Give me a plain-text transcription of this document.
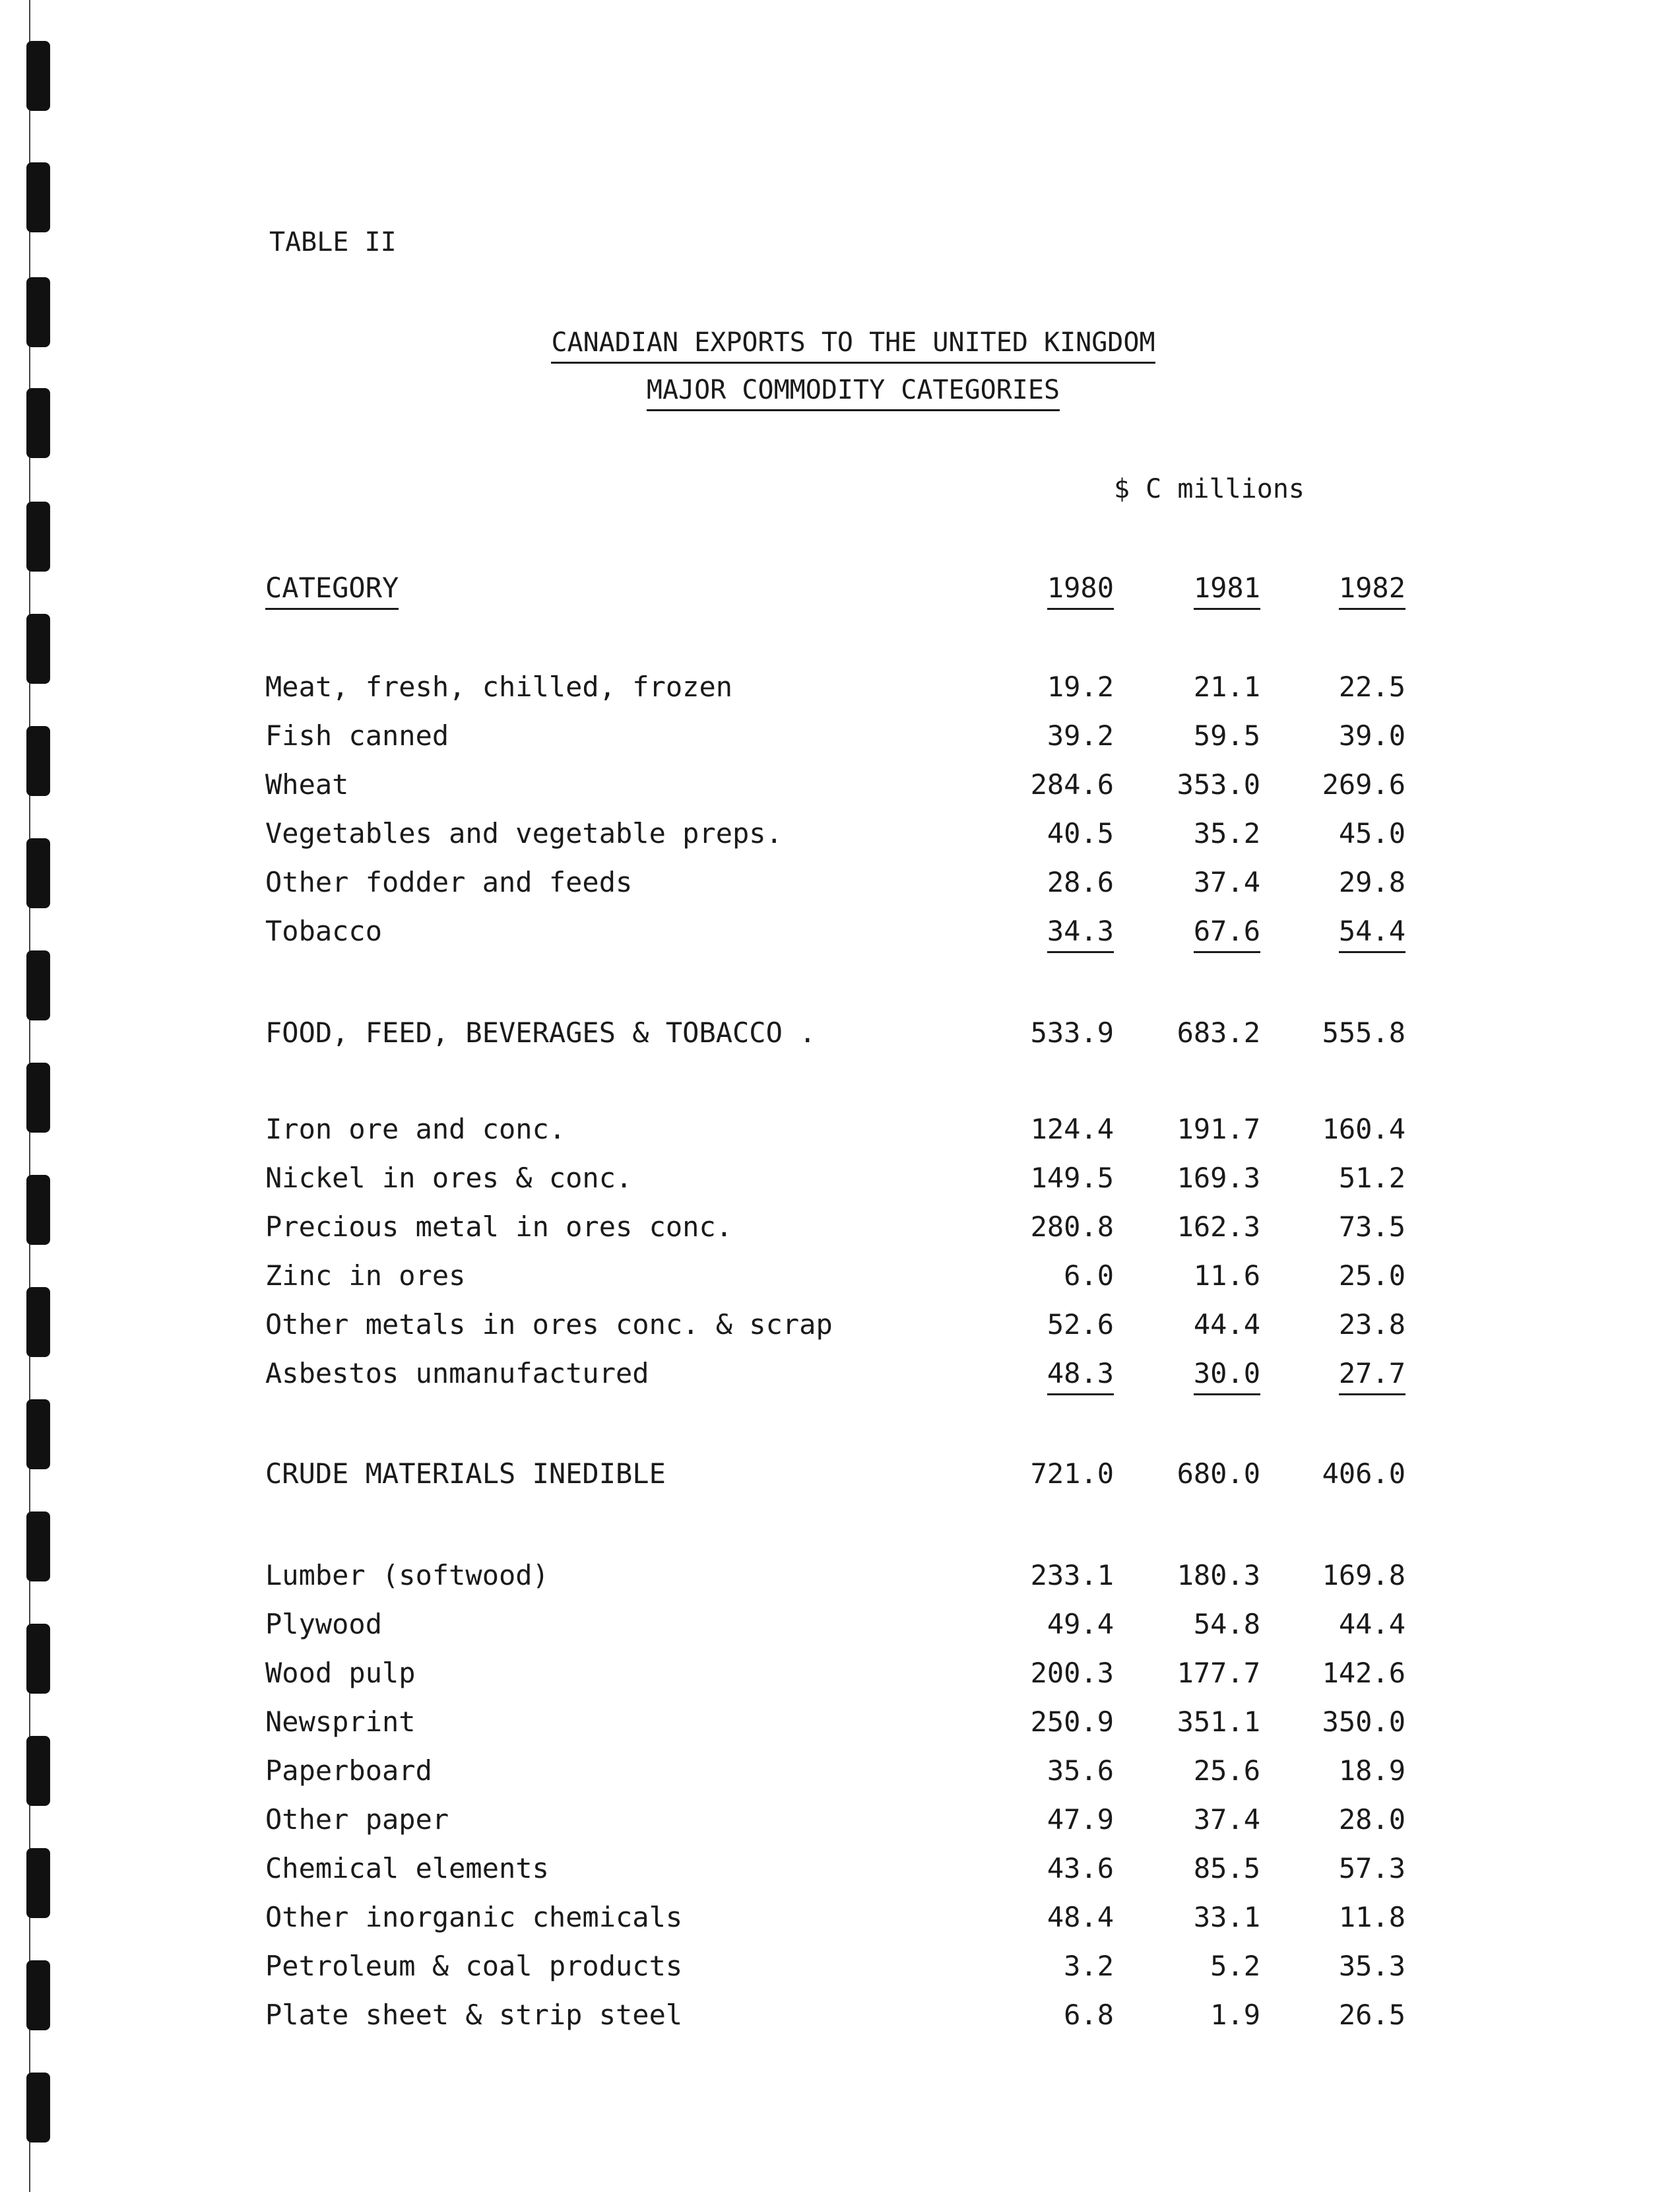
TABLE II
CANADIAN EXPORTS TO THE UNITED KINGDOM
MAJOR COMMODITY CATEGORIES
$ C millions
CATEGORY	1980	1981	1982
Meat, fresh, chilled, frozen	19.2	21.1	22.5
Fish canned	39.2	59.5	39.0
Wheat	284.6	353.0	269.6
Vegetables and vegetable preps.	40.5	35.2	45.0
Other fodder and feeds	28.6	37.4	29.8
Tobacco	34.3	67.6	54.4
FOOD, FEED, BEVERAGES & TOBACCO .	533.9	683.2	555.8
Iron ore and conc.	124.4	191.7	160.4
Nickel in ores & conc.	149.5	169.3	51.2
Precious metal in ores conc.	280.8	162.3	73.5
Zinc in ores	6.0	11.6	25.0
Other metals in ores conc. & scrap	52.6	44.4	23.8
Asbestos unmanufactured	48.3	30.0	27.7
CRUDE MATERIALS INEDIBLE	721.0	680.0	406.0
Lumber (softwood)	233.1	180.3	169.8
Plywood	49.4	54.8	44.4
Wood pulp	200.3	177.7	142.6
Newsprint	250.9	351.1	350.0
Paperboard	35.6	25.6	18.9
Other paper	47.9	37.4	28.0
Chemical elements	43.6	85.5	57.3
Other inorganic chemicals	48.4	33.1	11.8
Petroleum & coal products	3.2	5.2	35.3
Plate sheet & strip steel	6.8	1.9	26.5
